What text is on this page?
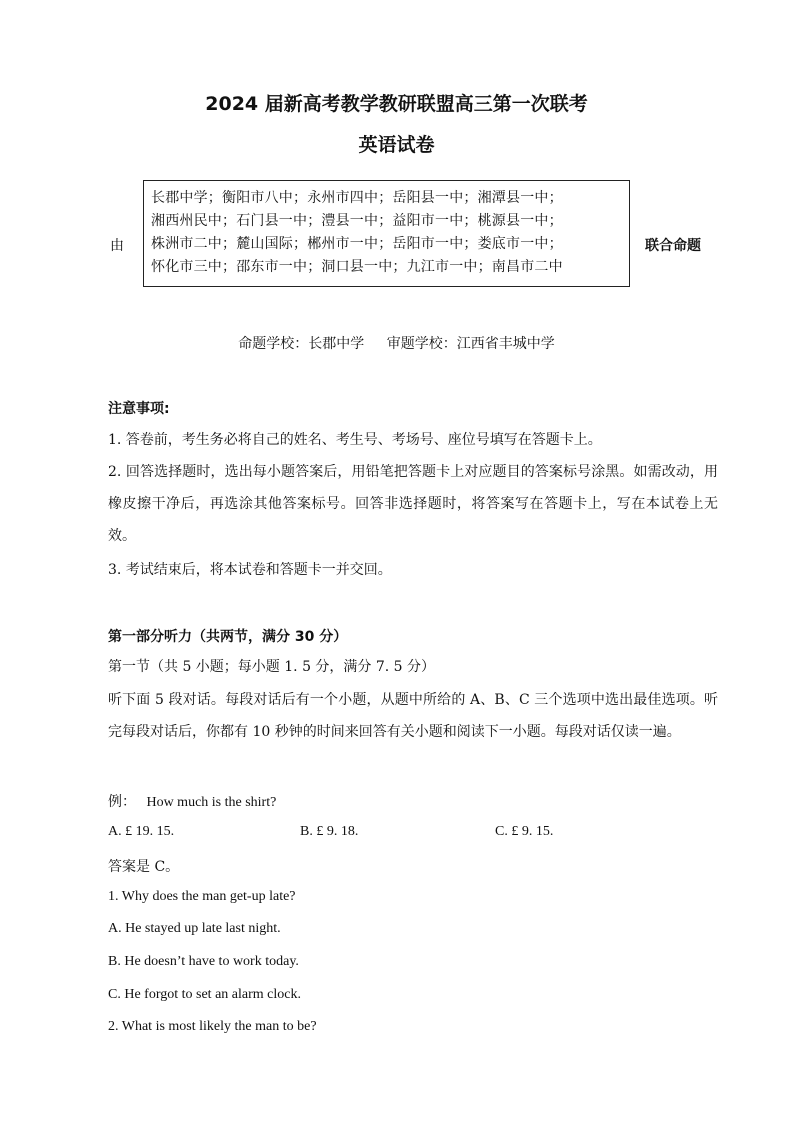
2024 届新高考教学教研联盟高三第一次联考
英语试卷
由
长郡中学；衡阳市八中；永州市四中；岳阳县一中；湘潭县一中；
湘西州民中；石门县一中；澧县一中；益阳市一中；桃源县一中；
株洲市二中；麓山国际；郴州市一中；岳阳市一中；娄底市一中；
怀化市三中；邵东市一中；洞口县一中；九江市一中；南昌市二中
联合命题
命题学校：长郡中学 审题学校：江西省丰城中学
注意事项:
1. 答卷前，考生务必将自己的姓名、考生号、考场号、座位号填写在答题卡上。
2. 回答选择题时，选出每小题答案后，用铅笔把答题卡上对应题目的答案标号涂黑。如需改动，用橡皮擦干净后，再选涂其他答案标号。回答非选择题时，将答案写在答题卡上，写在本试卷上无效。
3. 考试结束后，将本试卷和答题卡一并交回。
第一部分听力（共两节，满分 30 分）
第一节（共 5 小题；每小题 1. 5 分，满分 7. 5 分）
听下面 5 段对话。每段对话后有一个小题，从题中所给的 A、B、C 三个选项中选出最佳选项。听完每段对话后，你都有 10 秒钟的时间来回答有关小题和阅读下一小题。每段对话仅读一遍。
例： How much is the shirt?
A. £ 19. 15.	B. £ 9. 18.	C. £ 9. 15.
答案是 C。
1. Why does the man get-up late?
A. He stayed up late last night.
B. He doesn’t have to work today.
C. He forgot to set an alarm clock.
2. What is most likely the man to be?
